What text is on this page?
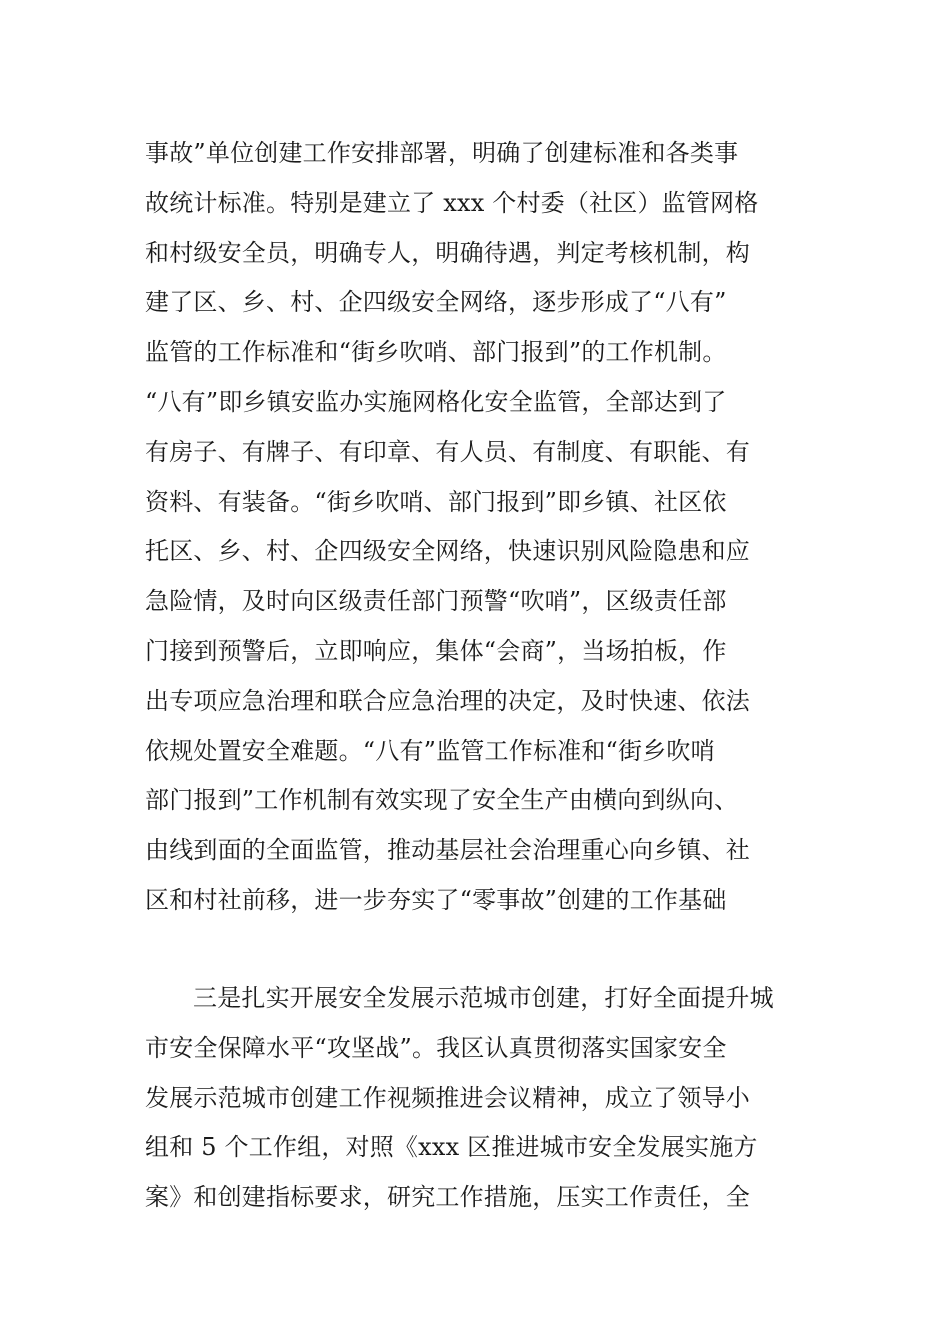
事故”单位创建工作安排部署，明确了创建标准和各类事
故统计标准。特别是建立了 xxx 个村委（社区）监管网格
和村级安全员，明确专人，明确待遇，判定考核机制，构
建了区、乡、村、企四级安全网络，逐步形成了“八有”
监管的工作标准和“街乡吹哨、部门报到”的工作机制。
“八有”即乡镇安监办实施网格化安全监管，全部达到了
有房子、有牌子、有印章、有人员、有制度、有职能、有
资料、有装备。“街乡吹哨、部门报到”即乡镇、社区依
托区、乡、村、企四级安全网络，快速识别风险隐患和应
急险情，及时向区级责任部门预警“吹哨”，区级责任部
门接到预警后，立即响应，集体“会商”，当场拍板，作
出专项应急治理和联合应急治理的决定，及时快速、依法
依规处置安全难题。“八有”监管工作标准和“街乡吹哨
部门报到”工作机制有效实现了安全生产由横向到纵向、
由线到面的全面监管，推动基层社会治理重心向乡镇、社
区和村社前移，进一步夯实了“零事故”创建的工作基础
三是扎实开展安全发展示范城市创建，打好全面提升城
市安全保障水平“攻坚战”。我区认真贯彻落实国家安全
发展示范城市创建工作视频推进会议精神，成立了领导小
组和 5 个工作组，对照《xxx 区推进城市安全发展实施方
案》和创建指标要求，研究工作措施，压实工作责任，全
